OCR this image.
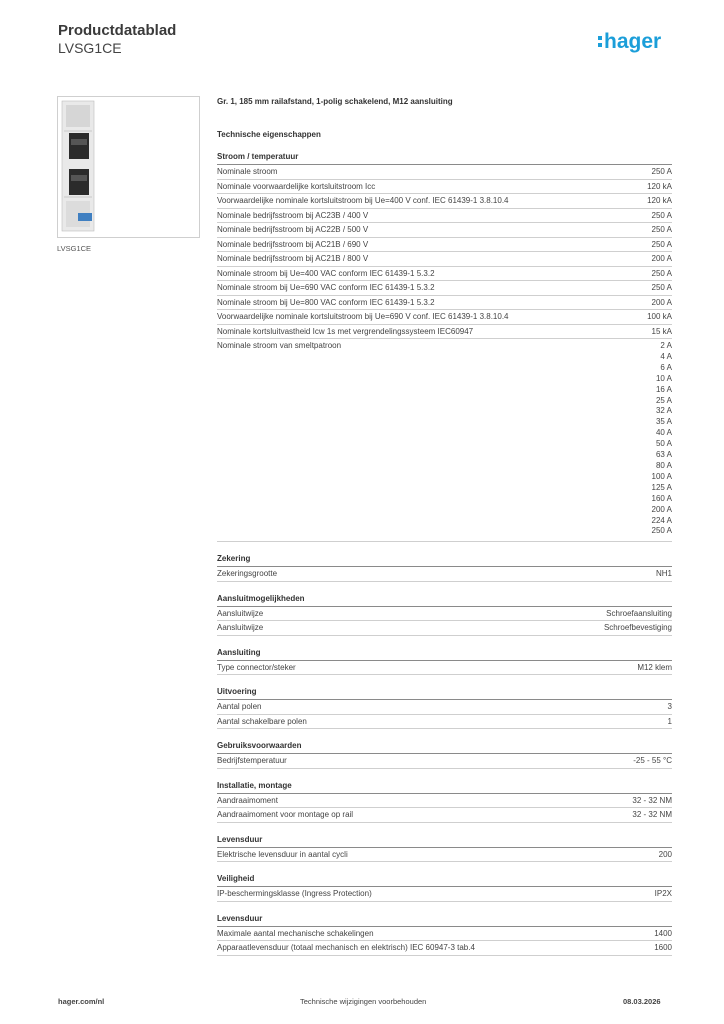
Productdatablad
LVSG1CE	hager
LVSG1CE
Gr. 1, 185 mm railafstand, 1-polig schakelend, M12 aansluiting
Technische eigenschappen
Stroom / temperatuur
Nominale stroom	250 A
Nominale voorwaardelijke kortsluitstroom Icc	120 kA
Voorwaardelijke nominale kortsluitstroom bij Ue=400 V conf. IEC 61439-1 3.8.10.4	120 kA
Nominale bedrijfsstroom bij AC23B / 400 V	250 A
Nominale bedrijfsstroom bij AC22B / 500 V	250 A
Nominale bedrijfsstroom bij AC21B / 690 V	250 A
Nominale bedrijfsstroom bij AC21B / 800 V	200 A
Nominale stroom bij Ue=400 VAC conform IEC 61439-1 5.3.2	250 A
Nominale stroom bij Ue=690 VAC conform IEC 61439-1 5.3.2	250 A
Nominale stroom bij Ue=800 VAC conform IEC 61439-1 5.3.2	200 A
Voorwaardelijke nominale kortsluitstroom bij Ue=690 V conf. IEC 61439-1 3.8.10.4	100 kA
Nominale kortsluitvastheid Icw 1s met vergrendelingssysteem IEC60947	15 kA
Nominale stroom van smeltpatroon	2 A
4 A
6 A
10 A
16 A
25 A
32 A
35 A
40 A
50 A
63 A
80 A
100 A
125 A
160 A
200 A
224 A
250 A
Zekering
Zekeringsgrootte	NH1
Aansluitmogelijkheden
Aansluitwijze	Schroefaansluiting
Aansluitwijze	Schroefbevestiging
Aansluiting
Type connector/steker	M12 klem
Uitvoering
Aantal polen	3
Aantal schakelbare polen	1
Gebruiksvoorwaarden
Bedrijfstemperatuur	-25 - 55 °C
Installatie, montage
Aandraaimoment	32 - 32 NM
Aandraaimoment voor montage op rail	32 - 32 NM
Levensduur
Elektrische levensduur in aantal cycli	200
Veiligheid
IP-beschermingsklasse (Ingress Protection)	IP2X
Levensduur
Maximale aantal mechanische schakelingen	1400
Apparaatlevensduur (totaal mechanisch en elektrisch) IEC 60947-3 tab.4	1600
hager.com/nl	Technische wijzigingen voorbehouden	08.03.2026
